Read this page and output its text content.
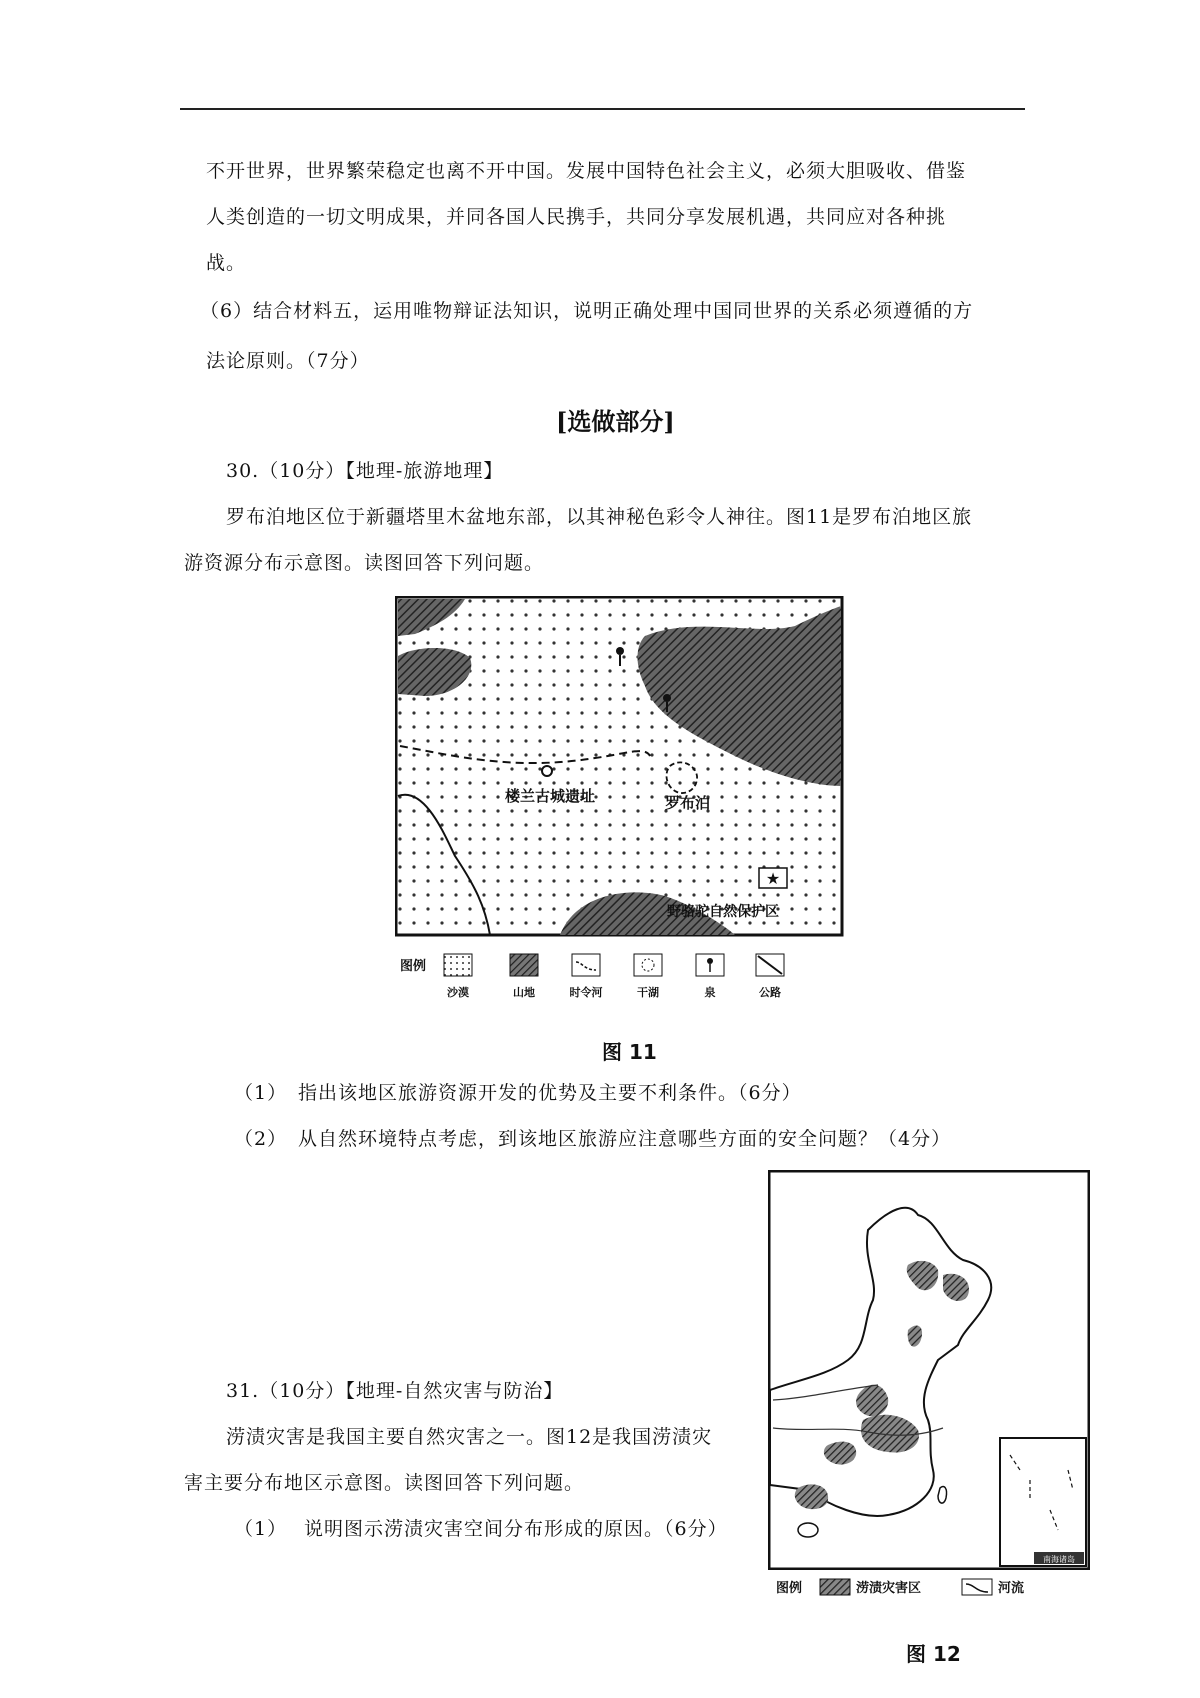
不开世界，世界繁荣稳定也离不开中国。发展中国特色社会主义，必须大胆吸收、借鉴
人类创造的一切文明成果，并同各国人民携手，共同分享发展机遇，共同应对各种挑
战。
（6）结合材料五，运用唯物辩证法知识，说明正确处理中国同世界的关系必须遵循的方
法论原则。（7分）
[选做部分]
30.（10分）【地理-旅游地理】
罗布泊地区位于新疆塔里木盆地东部，以其神秘色彩令人神往。图11是罗布泊地区旅
游资源分布示意图。读图回答下列问题。
楼兰古城遗址	罗布泊
★
野骆驼自然保护区
图例
沙漠	山地	时令河	干湖	泉	公路
图 11
（1） 指出该地区旅游资源开发的优势及主要不利条件。（6分）
（2） 从自然环境特点考虑，到该地区旅游应注意哪些方面的安全问题？（4分）
南海诸岛
图例	涝渍灾害区	河流
图 12
31.（10分）【地理-自然灾害与防治】
涝渍灾害是我国主要自然灾害之一。图12是我国涝渍灾
害主要分布地区示意图。读图回答下列问题。
（1） 说明图示涝渍灾害空间分布形成的原因。（6分）
